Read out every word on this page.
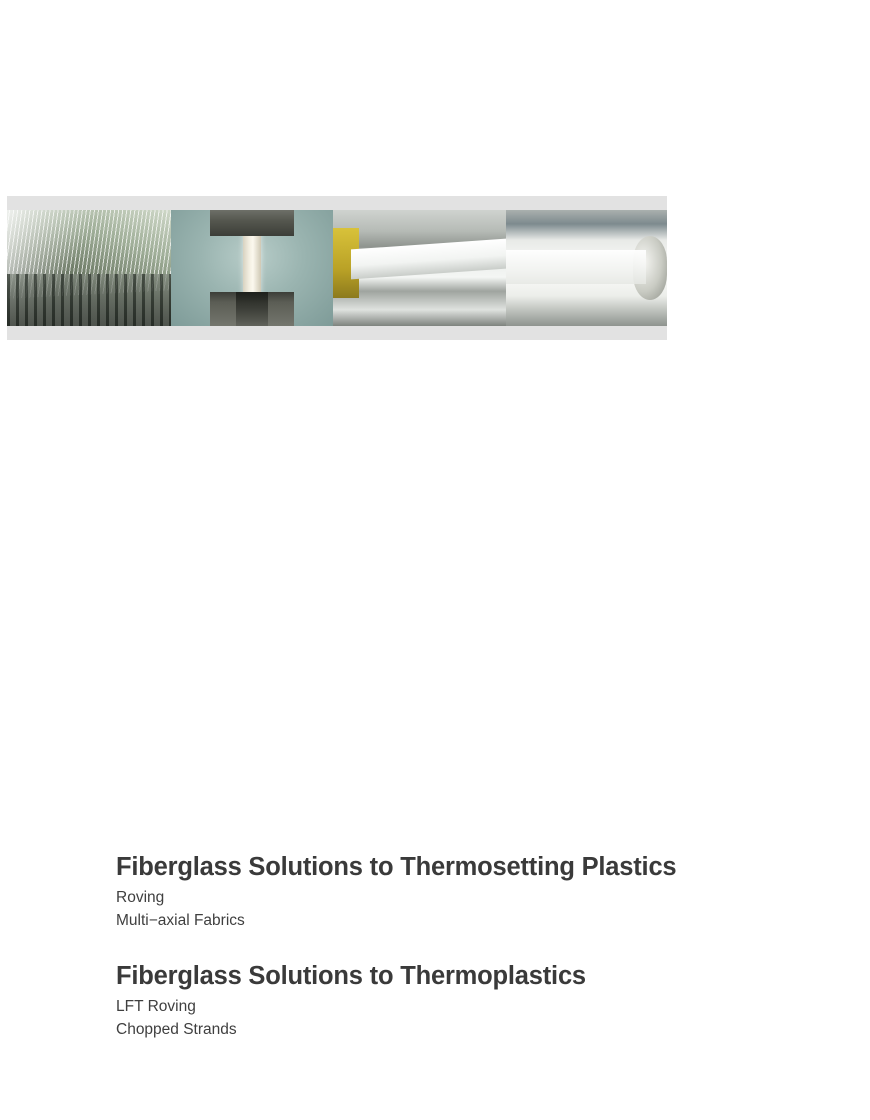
Fiberglass Solutions to Thermosetting Plastics

Roving

Multi−axial Fabrics

Fiberglass Solutions to Thermoplastics

LFT Roving

Chopped Strands
